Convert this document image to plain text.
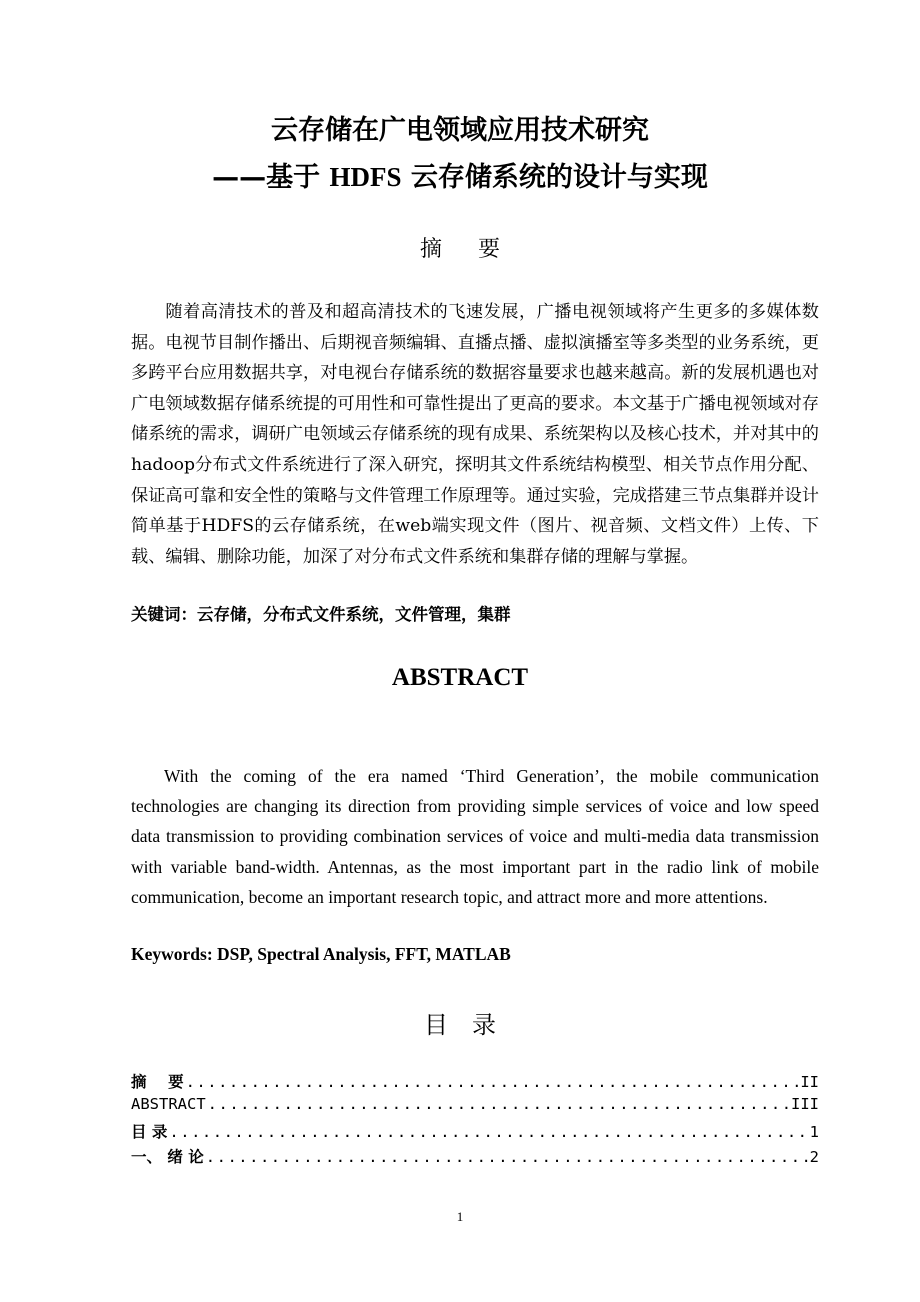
云存储在广电领域应用技术研究
——基于 HDFS 云存储系统的设计与实现
摘要

随着高清技术的普及和超高清技术的飞速发展，广播电视领域将产生更多的多媒体数据。电视节目制作播出、后期视音频编辑、直播点播、虚拟演播室等多类型的业务系统，更多跨平台应用数据共享，对电视台存储系统的数据容量要求也越来越高。新的发展机遇也对广电领域数据存储系统提的可用性和可靠性提出了更高的要求。本文基于广播电视领域对存储系统的需求，调研广电领域云存储系统的现有成果、系统架构以及核心技术，并对其中的hadoop分布式文件系统进行了深入研究，探明其文件系统结构模型、相关节点作用分配、保证高可靠和安全性的策略与文件管理工作原理等。通过实验，完成搭建三节点集群并设计简单基于HDFS的云存储系统，在web端实现文件（图片、视音频、文档文件）上传、下载、编辑、删除功能，加深了对分布式文件系统和集群存储的理解与掌握。

关键词：云存储，分布式文件系统，文件管理，集群
ABSTRACT

With the coming of the era named ‘Third Generation’, the mobile communication technologies are changing its direction from providing simple services of voice and low speed data transmission to providing combination services of voice and multi-media data transmission with variable band-width. Antennas, as the most important part in the radio link of mobile communication, become an important research topic, and attract more and more attentions.

Keywords: DSP, Spectral Analysis, FFT, MATLAB
目录
摘    要 .....	II
ABSTRACT .....	III
目 录 .....	1
一、 绪 论 .....	2
1
